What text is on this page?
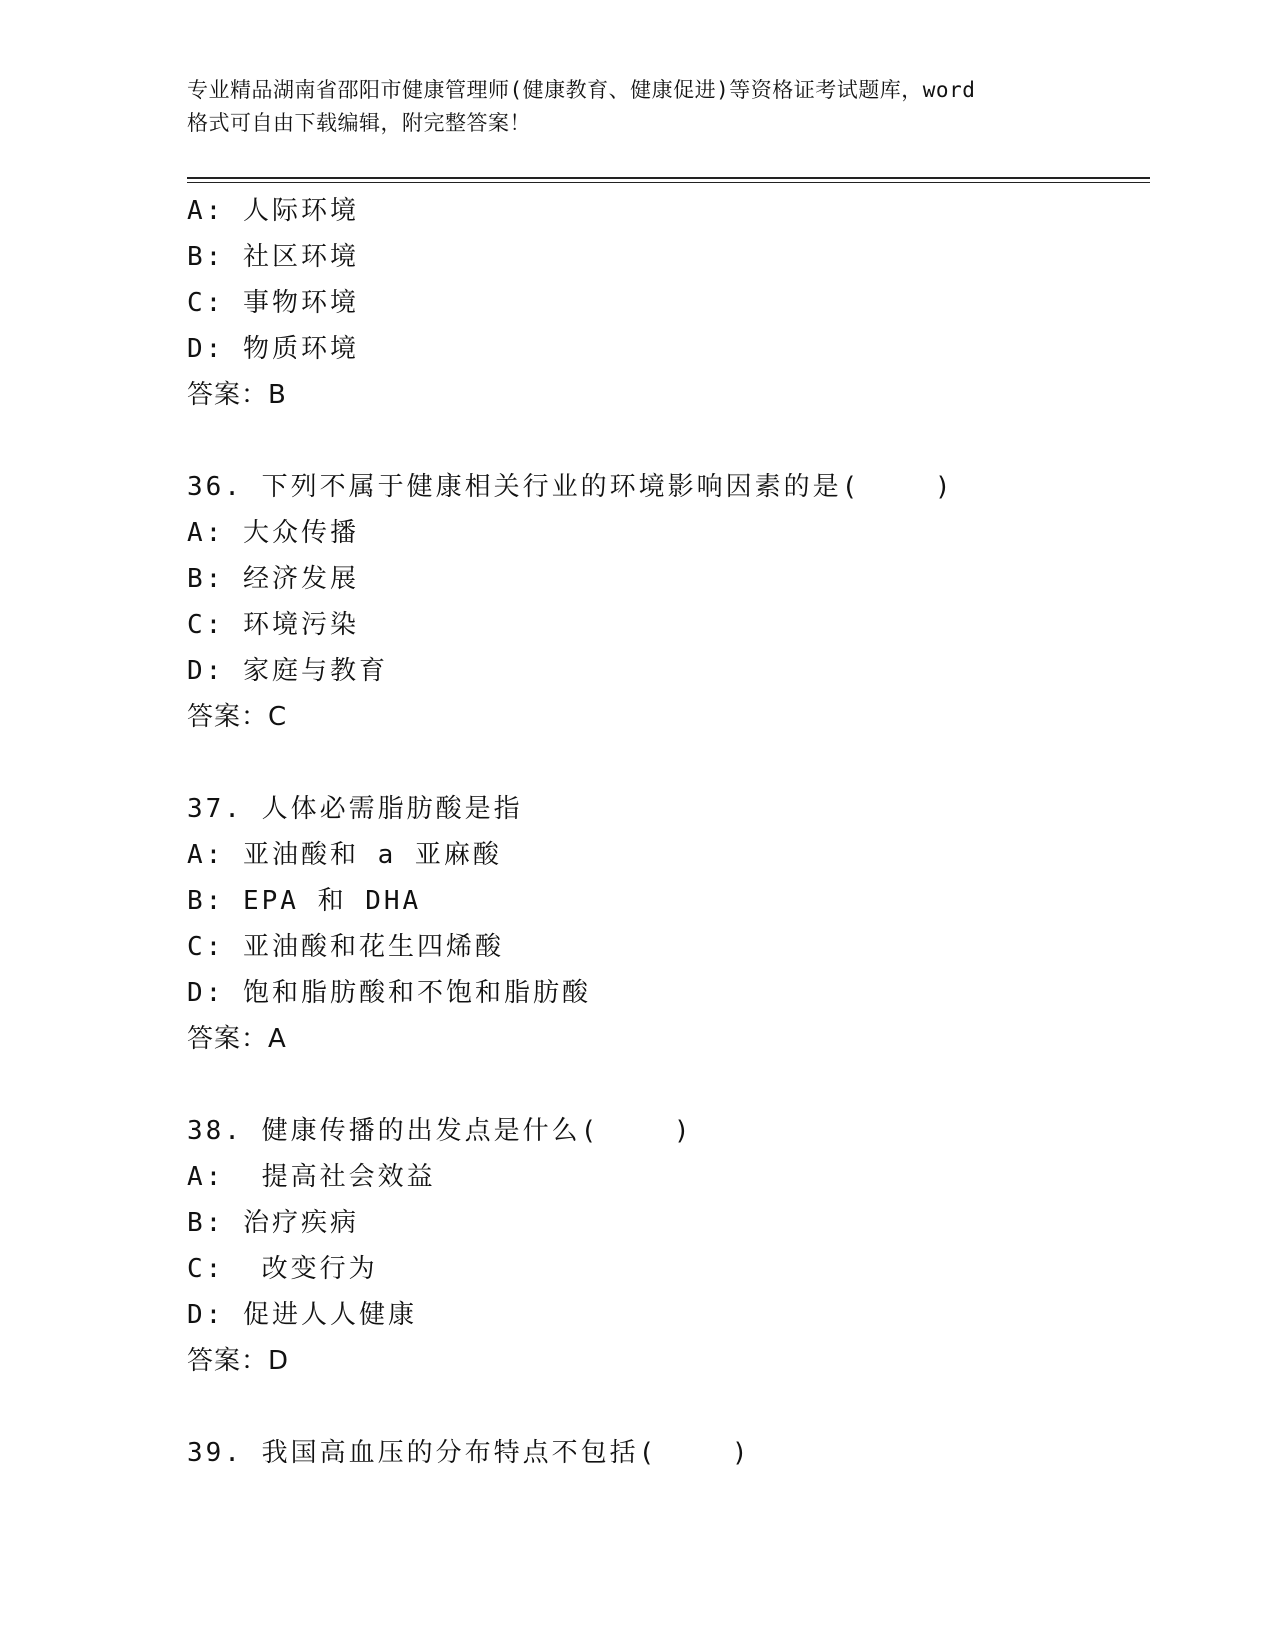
专业精品湖南省邵阳市健康管理师(健康教育、健康促进)等资格证考试题库，word
格式可自由下载编辑，附完整答案！
A: 人际环境
B: 社区环境
C: 事物环境
D: 物质环境
答案：B
36. 下列不属于健康相关行业的环境影响因素的是(    )
A: 大众传播
B: 经济发展
C: 环境污染
D: 家庭与教育
答案：C
37. 人体必需脂肪酸是指
A: 亚油酸和 a 亚麻酸
B: EPA 和 DHA
C: 亚油酸和花生四烯酸
D: 饱和脂肪酸和不饱和脂肪酸
答案：A
38. 健康传播的出发点是什么(    )
A:  提高社会效益
B: 治疗疾病
C:  改变行为
D: 促进人人健康
答案：D
39. 我国高血压的分布特点不包括(    )
